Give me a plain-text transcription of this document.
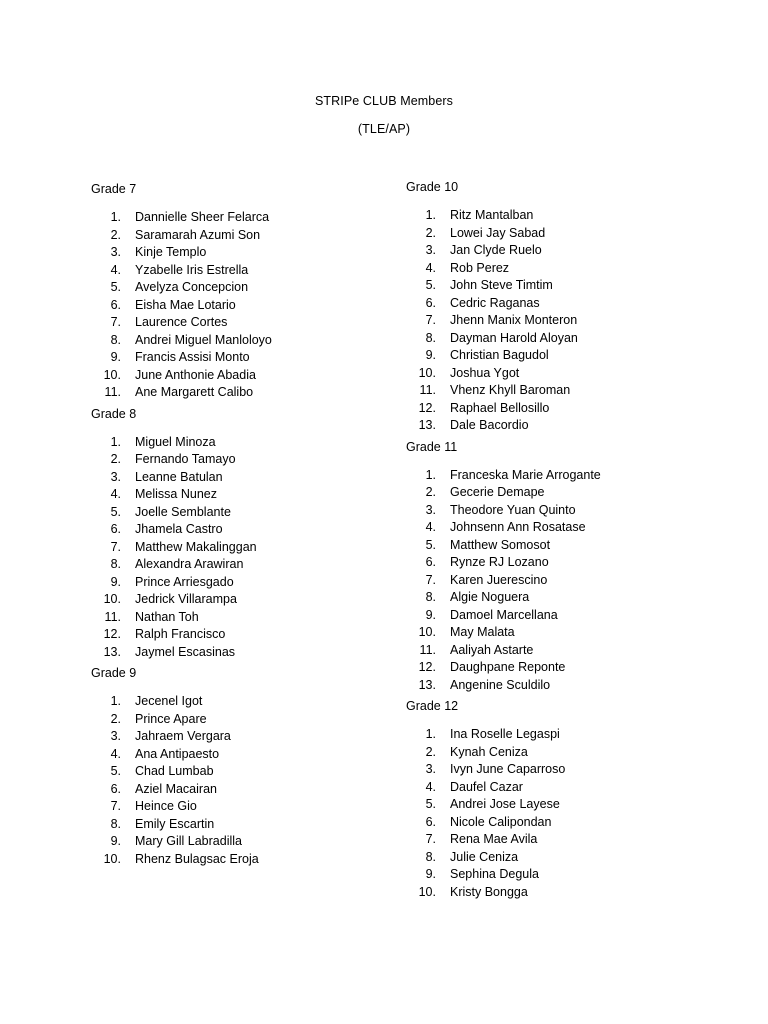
STRIPe CLUB Members
(TLE/AP)
Grade 7
1. Dannielle Sheer Felarca
2. Saramarah Azumi Son
3. Kinje Templo
4. Yzabelle Iris Estrella
5. Avelyza Concepcion
6. Eisha Mae Lotario
7. Laurence Cortes
8. Andrei Miguel Manloloyo
9. Francis Assisi Monto
10. June Anthonie Abadia
11. Ane Margarett Calibo
Grade 8
1. Miguel Minoza
2. Fernando Tamayo
3. Leanne Batulan
4. Melissa Nunez
5. Joelle Semblante
6. Jhamela Castro
7. Matthew Makalinggan
8. Alexandra Arawiran
9. Prince Arriesgado
10. Jedrick Villarampa
11. Nathan Toh
12. Ralph Francisco
13. Jaymel Escasinas
Grade 9
1. Jecenel Igot
2. Prince Apare
3. Jahraem Vergara
4. Ana Antipaesto
5. Chad Lumbab
6. Aziel Macairan
7. Heince Gio
8. Emily Escartin
9. Mary Gill Labradilla
10. Rhenz Bulagsac Eroja
Grade 10
1. Ritz Mantalban
2. Lowei Jay Sabad
3. Jan Clyde Ruelo
4. Rob Perez
5. John Steve Timtim
6. Cedric Raganas
7. Jhenn Manix Monteron
8. Dayman Harold Aloyan
9. Christian Bagudol
10. Joshua Ygot
11. Vhenz Khyll Baroman
12. Raphael Bellosillo
13. Dale Bacordio
Grade 11
1. Franceska Marie Arrogante
2. Gecerie Demape
3. Theodore Yuan Quinto
4. Johnsenn Ann Rosatase
5. Matthew Somosot
6. Rynze RJ Lozano
7. Karen Juerescino
8. Algie Noguera
9. Damoel Marcellana
10. May Malata
11. Aaliyah Astarte
12. Daughpane Reponte
13. Angenine Sculdilo
Grade 12
1. Ina Roselle Legaspi
2. Kynah Ceniza
3. Ivyn June Caparroso
4. Daufel Cazar
5. Andrei Jose Layese
6. Nicole Calipondan
7. Rena Mae Avila
8. Julie Ceniza
9. Sephina Degula
10. Kristy Bongga
